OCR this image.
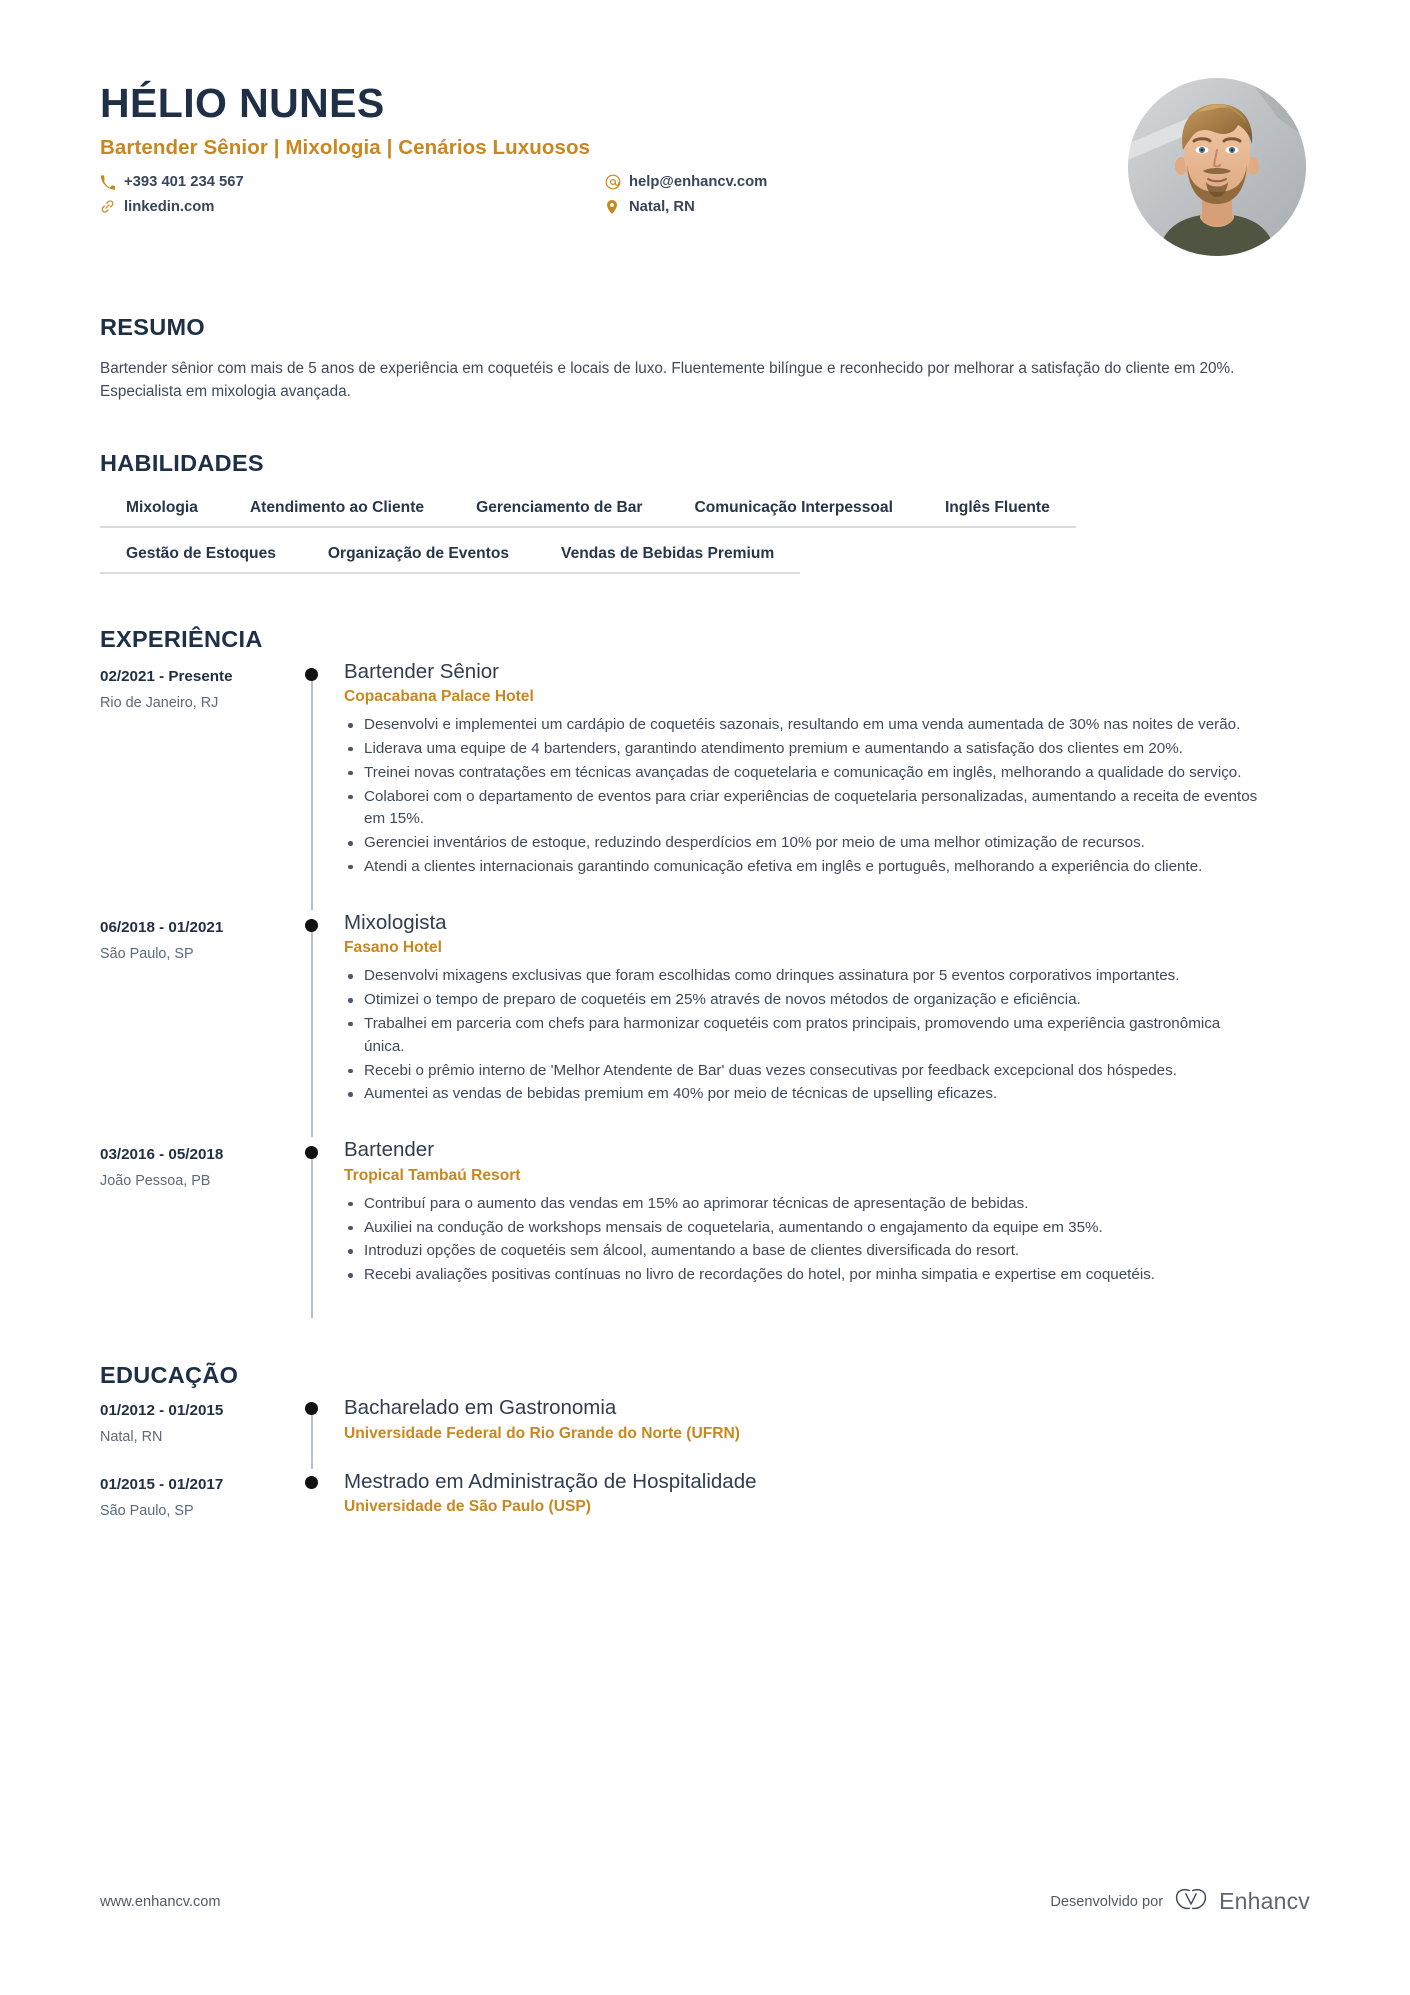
HÉLIO NUNES
Bartender Sênior | Mixologia | Cenários Luxuosos
+393 401 234 567	help@enhancv.com
linkedin.com	Natal, RN
RESUMO

Bartender sênior com mais de 5 anos de experiência em coquetéis e locais de luxo. Fluentemente bilíngue e reconhecido por melhorar a satisfação do cliente em 20%. Especialista em mixologia avançada.

HABILIDADES
Mixologia	Atendimento ao Cliente	Gerenciamento de Bar	Comunicação Interpessoal	Inglês Fluente
Gestão de Estoques	Organização de Eventos	Vendas de Bebidas Premium
EXPERIÊNCIA
02/2021 - Presente
Rio de Janeiro, RJ
Bartender Sênior
Copacabana Palace Hotel
Desenvolvi e implementei um cardápio de coquetéis sazonais, resultando em uma venda aumentada de 30% nas noites de verão.
Liderava uma equipe de 4 bartenders, garantindo atendimento premium e aumentando a satisfação dos clientes em 20%.
Treinei novas contratações em técnicas avançadas de coquetelaria e comunicação em inglês, melhorando a qualidade do serviço.
Colaborei com o departamento de eventos para criar experiências de coquetelaria personalizadas, aumentando a receita de eventos em 15%.
Gerenciei inventários de estoque, reduzindo desperdícios em 10% por meio de uma melhor otimização de recursos.
Atendi a clientes internacionais garantindo comunicação efetiva em inglês e português, melhorando a experiência do cliente.
06/2018 - 01/2021
São Paulo, SP
Mixologista
Fasano Hotel
Desenvolvi mixagens exclusivas que foram escolhidas como drinques assinatura por 5 eventos corporativos importantes.
Otimizei o tempo de preparo de coquetéis em 25% através de novos métodos de organização e eficiência.
Trabalhei em parceria com chefs para harmonizar coquetéis com pratos principais, promovendo uma experiência gastronômica única.
Recebi o prêmio interno de 'Melhor Atendente de Bar' duas vezes consecutivas por feedback excepcional dos hóspedes.
Aumentei as vendas de bebidas premium em 40% por meio de técnicas de upselling eficazes.
03/2016 - 05/2018
João Pessoa, PB
Bartender
Tropical Tambaú Resort
Contribuí para o aumento das vendas em 15% ao aprimorar técnicas de apresentação de bebidas.
Auxiliei na condução de workshops mensais de coquetelaria, aumentando o engajamento da equipe em 35%.
Introduzi opções de coquetéis sem álcool, aumentando a base de clientes diversificada do resort.
Recebi avaliações positivas contínuas no livro de recordações do hotel, por minha simpatia e expertise em coquetéis.
EDUCAÇÃO
01/2012 - 01/2015
Natal, RN
Bacharelado em Gastronomia
Universidade Federal do Rio Grande do Norte (UFRN)
01/2015 - 01/2017
São Paulo, SP
Mestrado em Administração de Hospitalidade
Universidade de São Paulo (USP)
www.enhancv.com	Desenvolvido por Enhancv
